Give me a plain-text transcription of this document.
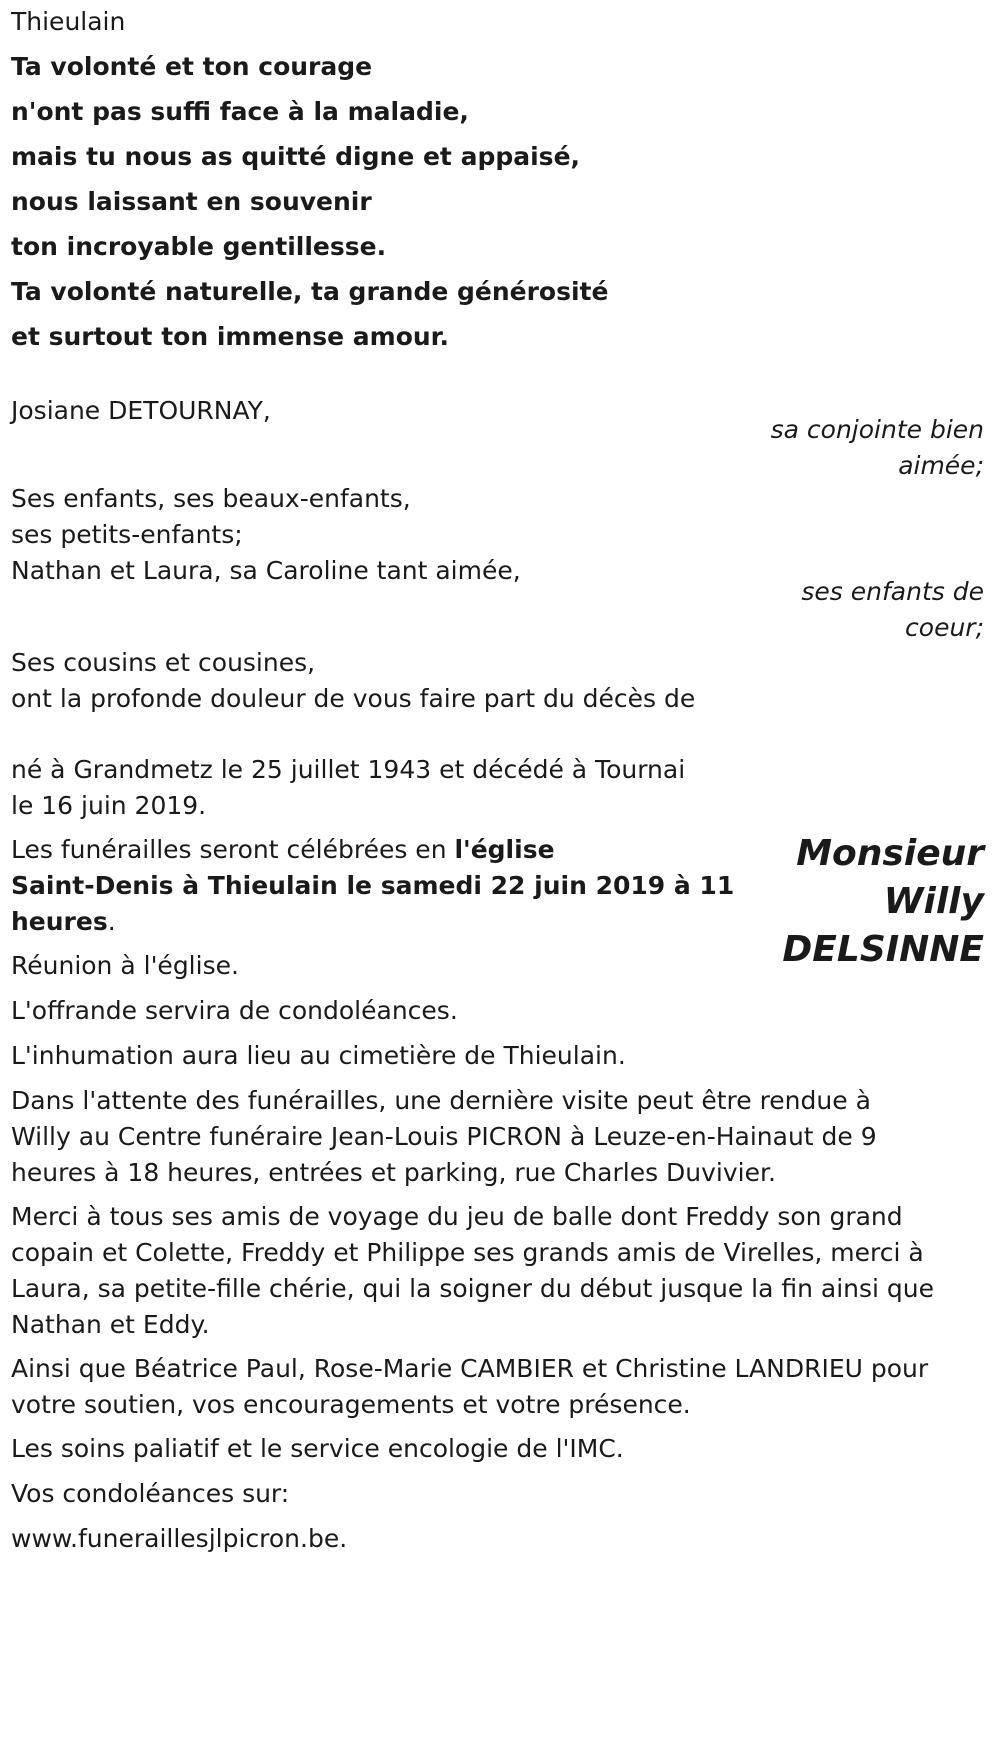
Thieulain
Ta volonté et ton courage
n'ont pas suffi face à la maladie,
mais tu nous as quitté digne et appaisé,
nous laissant en souvenir
ton incroyable gentillesse.
Ta volonté naturelle, ta grande générosité
et surtout ton immense amour.
Josiane DETOURNAY,
sa conjointe bien
aimée;
Ses enfants, ses beaux-enfants,
ses petits-enfants;
Nathan et Laura, sa Caroline tant aimée,
ses enfants de
coeur;
Ses cousins et cousines,
ont la profonde douleur de vous faire part du décès de
Monsieur
Willy
DELSINNE
né à Grandmetz le 25 juillet 1943 et décédé à Tournai
le 16 juin 2019.
Les funérailles seront célébrées en l'église
Saint-Denis à Thieulain le samedi 22 juin 2019 à 11
heures.
Réunion à l'église.
L'offrande servira de condoléances.
L'inhumation aura lieu au cimetière de Thieulain.
Dans l'attente des funérailles, une dernière visite peut être rendue à
Willy au Centre funéraire Jean-Louis PICRON à Leuze-en-Hainaut de 9
heures à 18 heures, entrées et parking, rue Charles Duvivier.
Merci à tous ses amis de voyage du jeu de balle dont Freddy son grand
copain et Colette, Freddy et Philippe ses grands amis de Virelles, merci à
Laura, sa petite-fille chérie, qui la soigner du début jusque la fin ainsi que
Nathan et Eddy.
Ainsi que Béatrice Paul, Rose-Marie CAMBIER et Christine LANDRIEU pour
votre soutien, vos encouragements et votre présence.
Les soins paliatif et le service encologie de l'IMC.
Vos condoléances sur:
www.funeraillesjlpicron.be.
